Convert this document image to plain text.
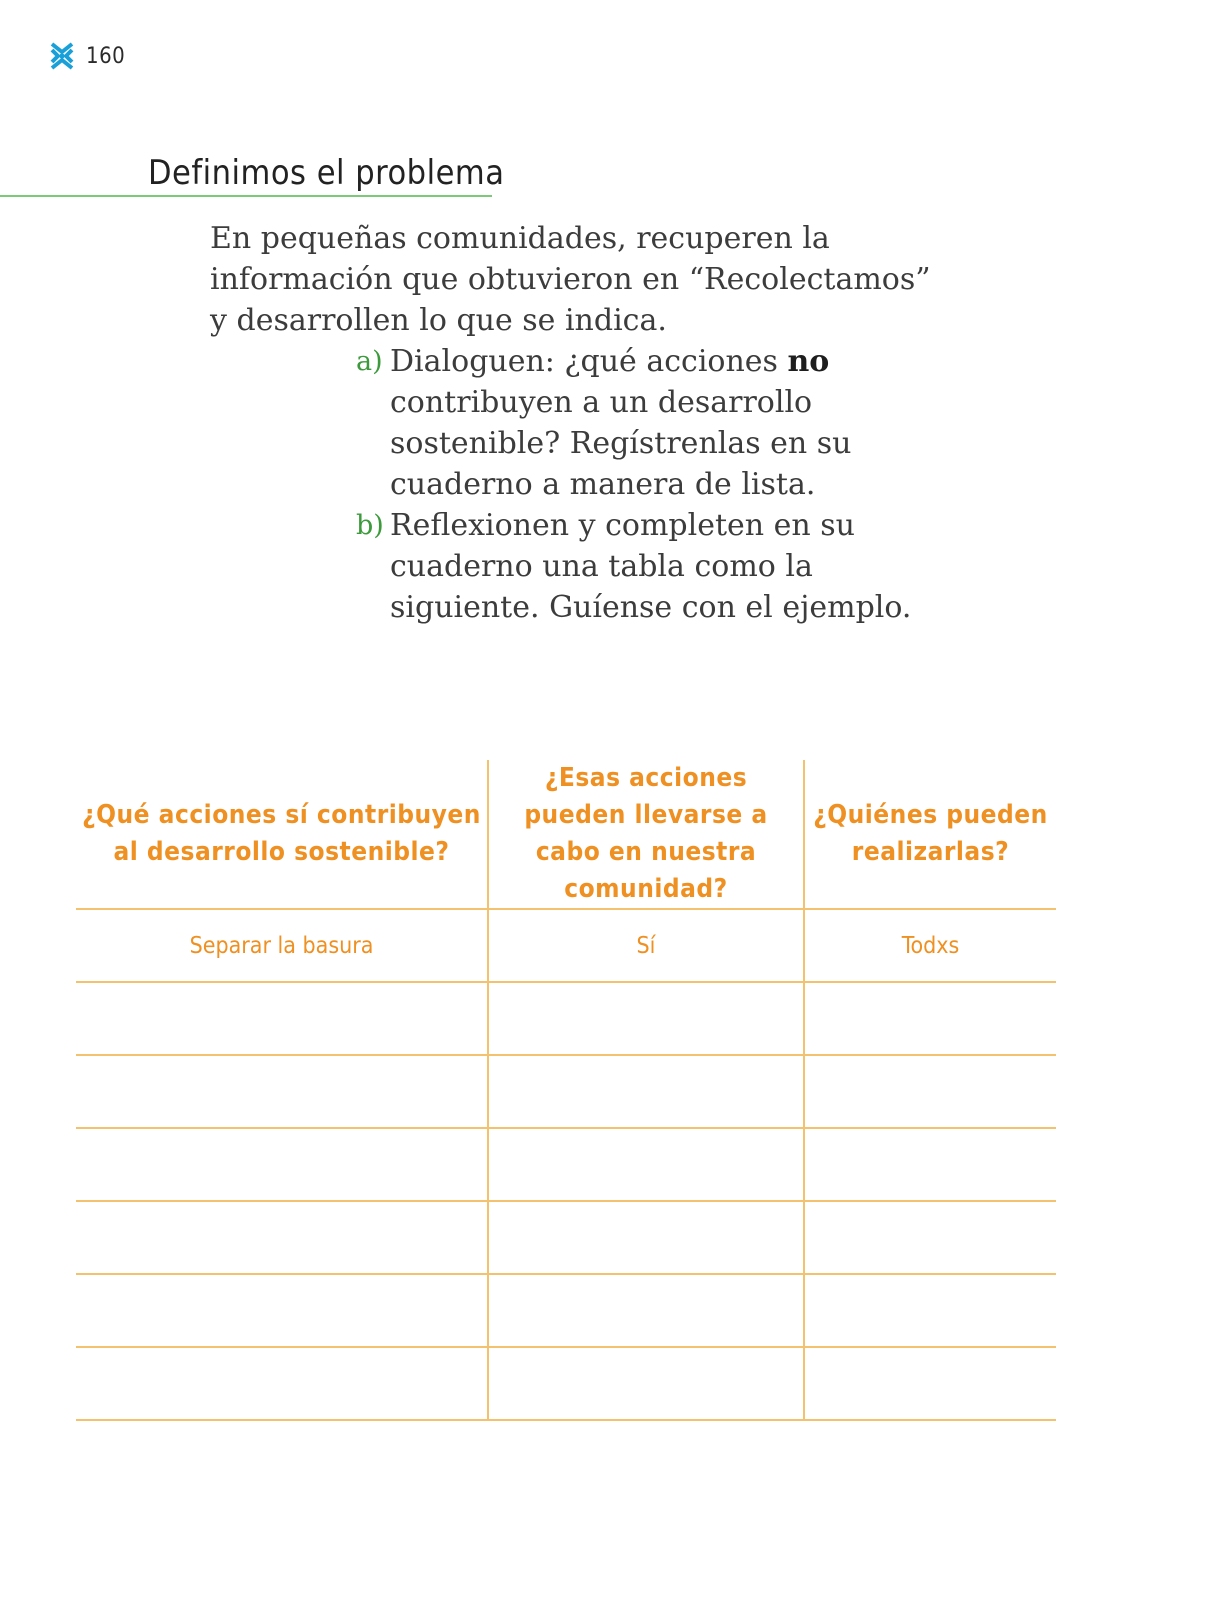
160
Definimos el problema

En pequeñas comunidades, recuperen la información que obtuvieron en “Recolectamos” y desarrollen lo que se indica.

a) Dialoguen: ¿qué acciones no contribuyen a un desarrollo sostenible? Regístrenlas en su cuaderno a manera de lista.
b) Reflexionen y completen en su cuaderno una tabla como la siguiente. Guíense con el ejemplo.
¿Qué acciones sí contribuyen al desarrollo sostenible?	¿Esas acciones pueden llevarse a cabo en nuestra comunidad?	¿Quiénes pueden realizarlas?
Separar la basura	Sí	Todxs
